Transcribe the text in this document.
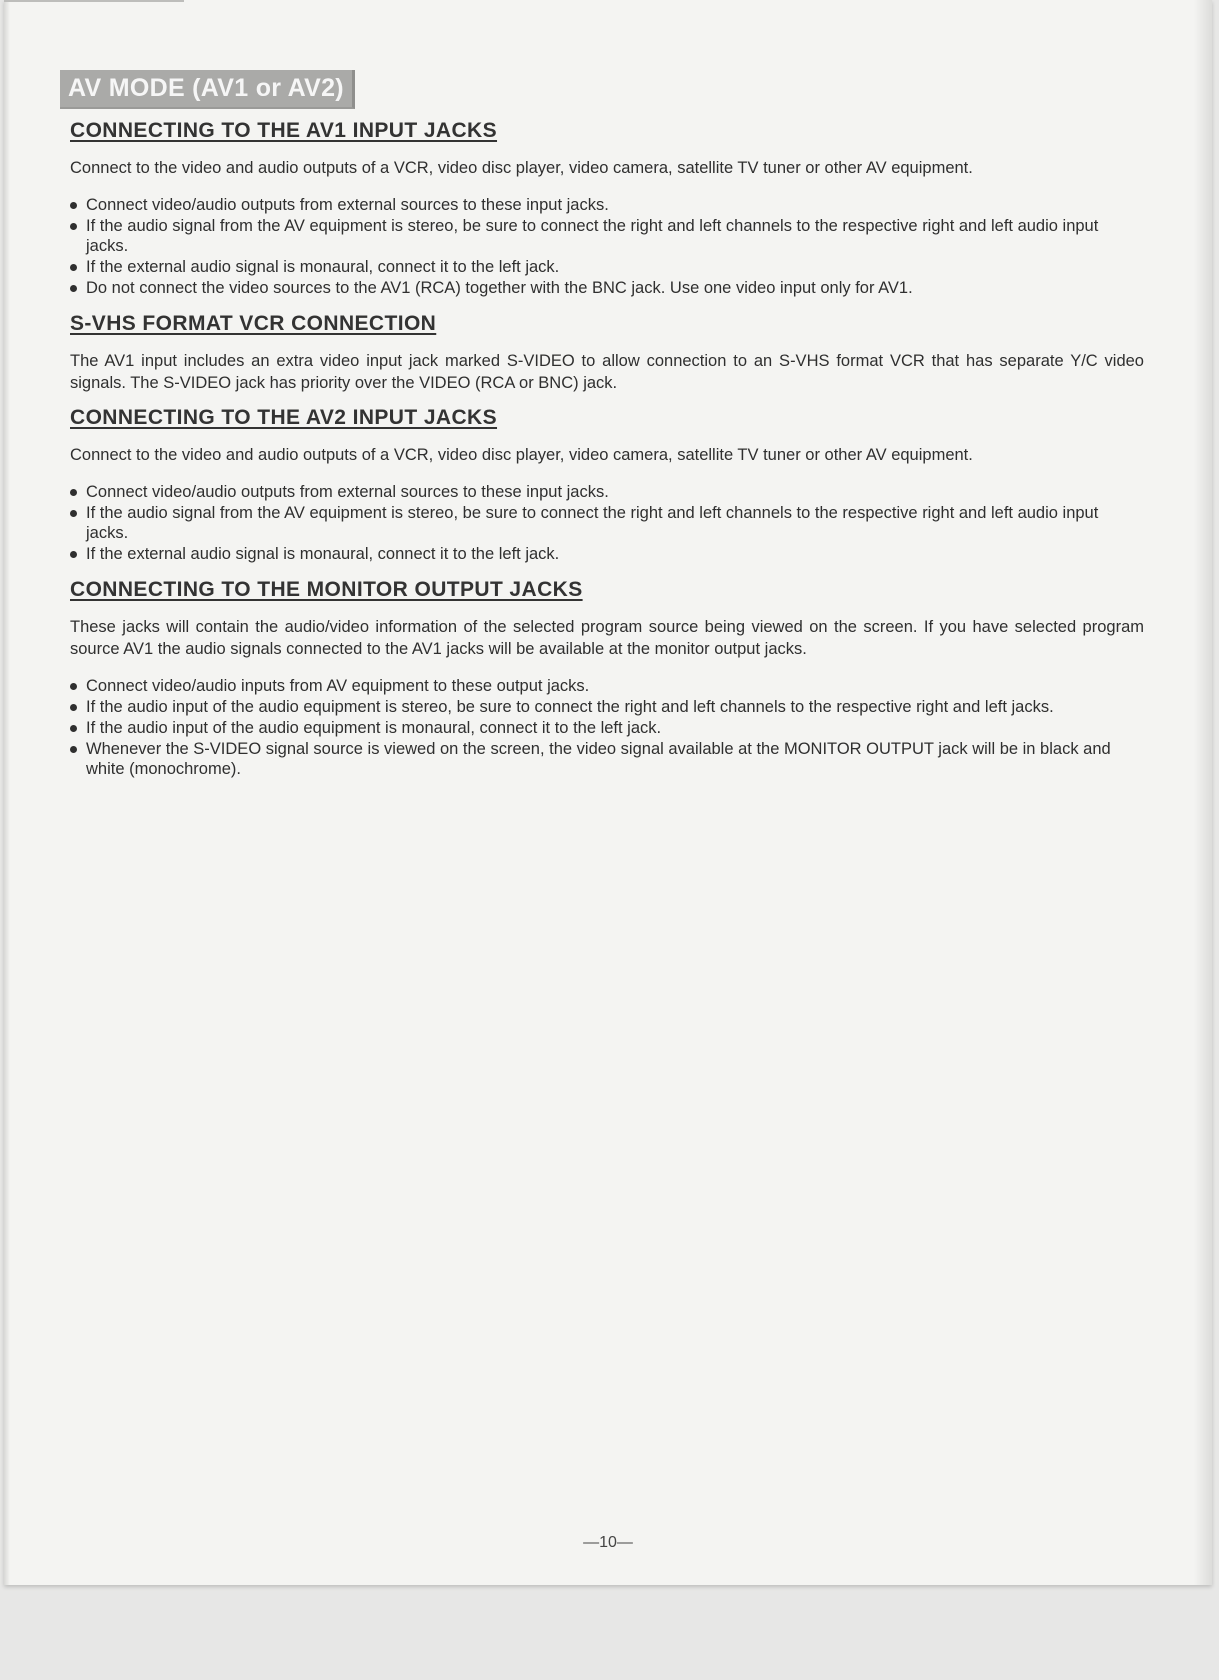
AV MODE (AV1 or AV2)
CONNECTING TO THE AV1 INPUT JACKS

Connect to the video and audio outputs of a VCR, video disc player, video camera, satellite TV tuner or other AV equipment.

Connect video/audio outputs from external sources to these input jacks.
If the audio signal from the AV equipment is stereo, be sure to connect the right and left channels to the respective right and left audio input jacks.
If the external audio signal is monaural, connect it to the left jack.
Do not connect the video sources to the AV1 (RCA) together with the BNC jack. Use one video input only for AV1.
S-VHS FORMAT VCR CONNECTION

The AV1 input includes an extra video input jack marked S-VIDEO to allow connection to an S-VHS format VCR that has separate Y/C video signals. The S-VIDEO jack has priority over the VIDEO (RCA or BNC) jack.

CONNECTING TO THE AV2 INPUT JACKS

Connect to the video and audio outputs of a VCR, video disc player, video camera, satellite TV tuner or other AV equipment.

Connect video/audio outputs from external sources to these input jacks.
If the audio signal from the AV equipment is stereo, be sure to connect the right and left channels to the respective right and left audio input jacks.
If the external audio signal is monaural, connect it to the left jack.
CONNECTING TO THE MONITOR OUTPUT JACKS

These jacks will contain the audio/video information of the selected program source being viewed on the screen. If you have selected program source AV1 the audio signals connected to the AV1 jacks will be available at the monitor output jacks.

Connect video/audio inputs from AV equipment to these output jacks.
If the audio input of the audio equipment is stereo, be sure to connect the right and left channels to the respective right and left jacks.
If the audio input of the audio equipment is monaural, connect it to the left jack.
Whenever the S-VIDEO signal source is viewed on the screen, the video signal available at the MONITOR OUTPUT jack will be in black and white (monochrome).
—10—
